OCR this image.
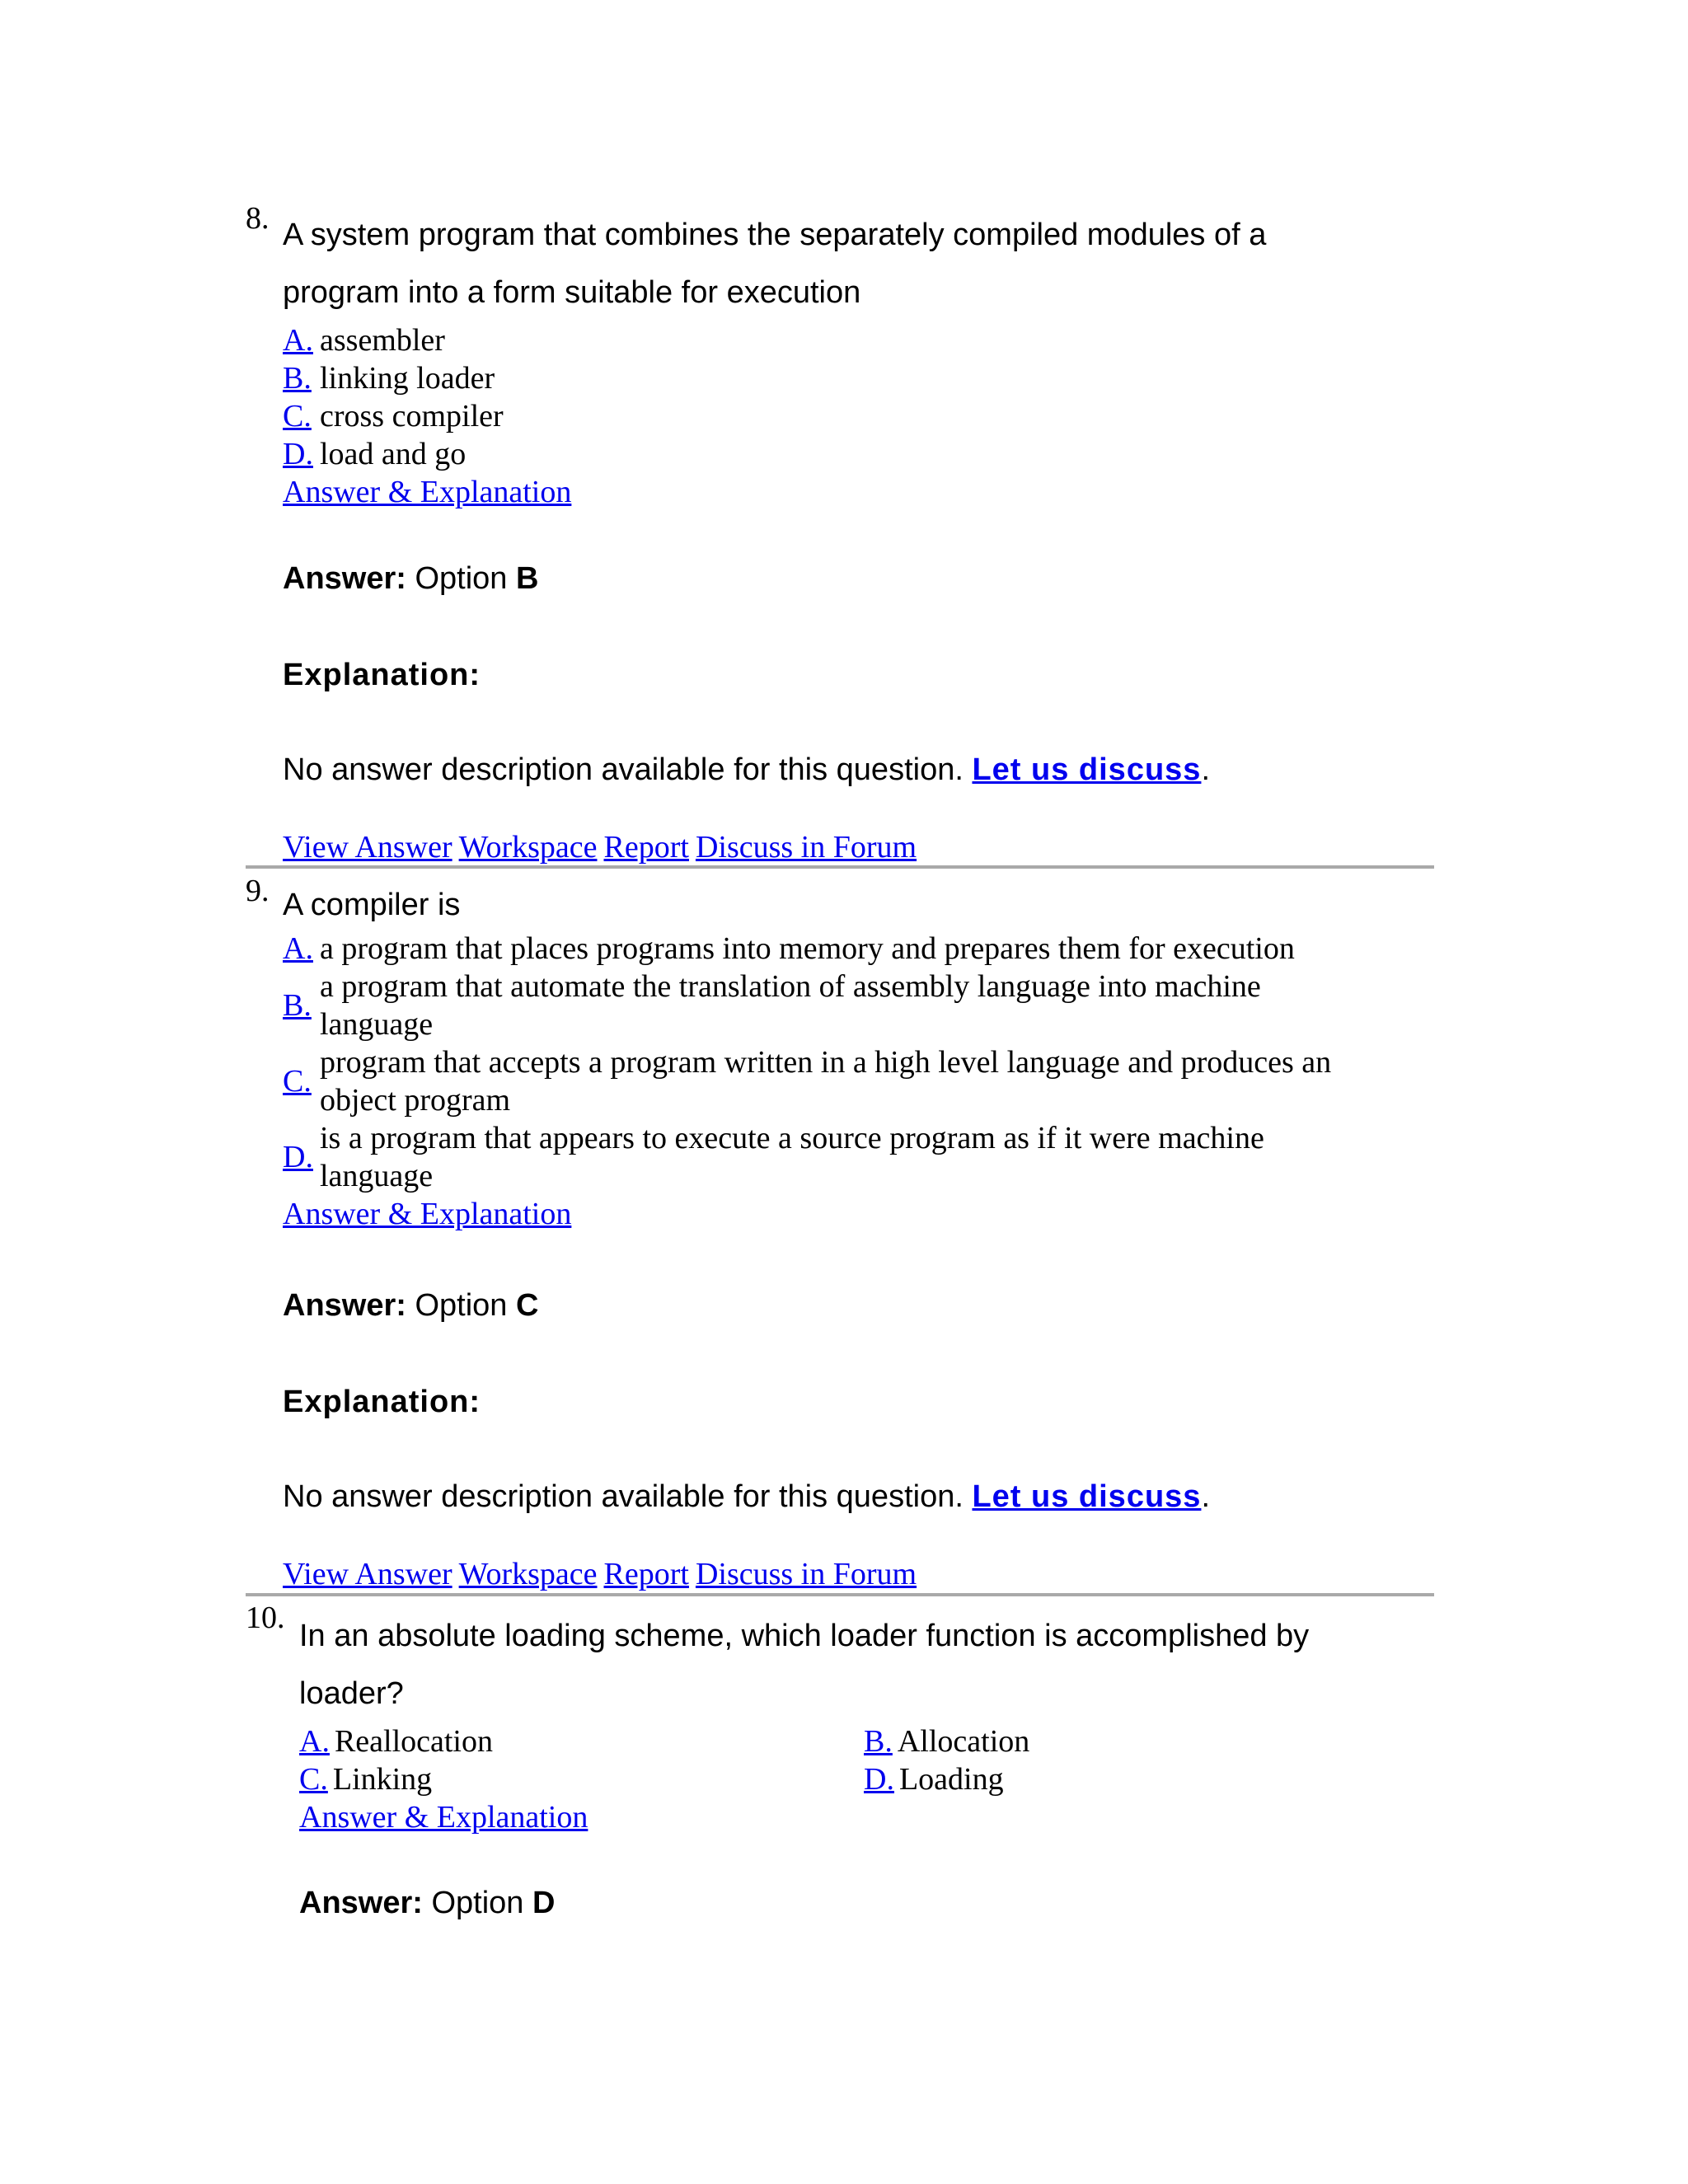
8. A system program that combines the separately compiled modules of a
program into a form suitable for execution

A. assembler
B. linking loader
C. cross compiler
D. load and go
Answer & Explanation
Answer: Option B
Explanation:
No answer description available for this question. Let us discuss.
View Answer Workspace Report Discuss in Forum
9. A compiler is

A. a program that places programs into memory and prepares them for execution
B.
a program that automate the translation of assembly language into machine
language
C.
program that accepts a program written in a high level language and produces an
object program
D.
is a program that appears to execute a source program as if it were machine
language
Answer & Explanation
Answer: Option C
Explanation:
No answer description available for this question. Let us discuss.
View Answer Workspace Report Discuss in Forum
10.

In an absolute loading scheme, which loader function is accomplished by
loader?

A. Reallocation	B. Allocation
C. Linking	D. Loading
Answer & Explanation
Answer: Option D
